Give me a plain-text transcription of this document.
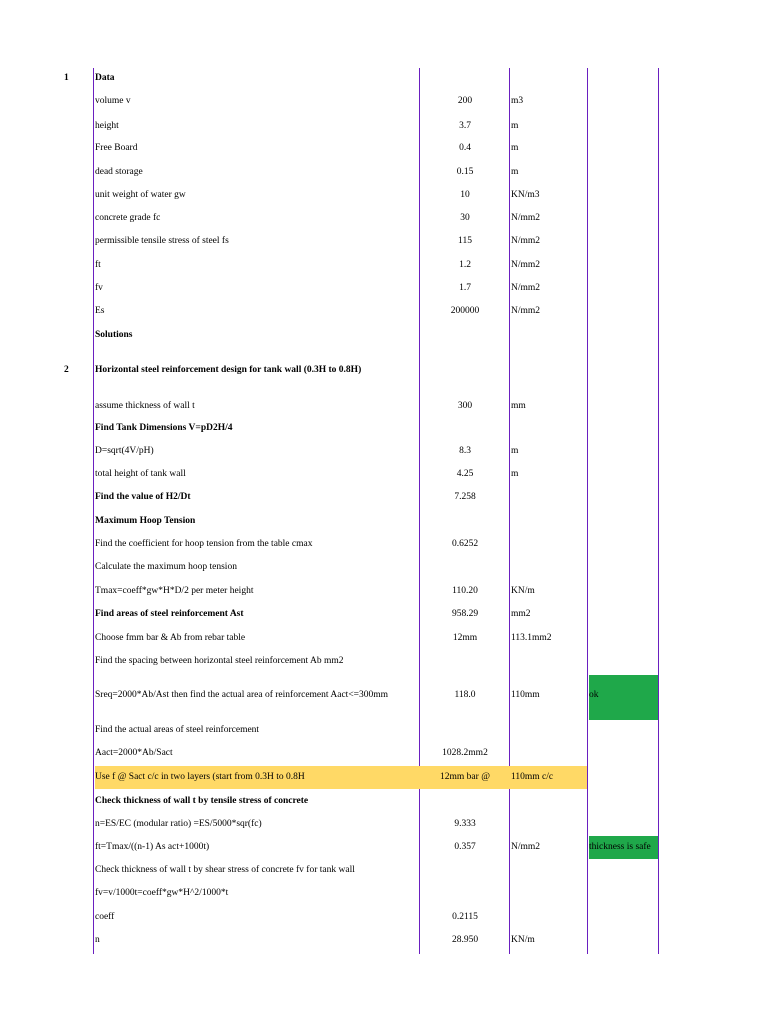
1	Data
volume v	200	m3
height	3.7	m
Free Board	0.4	m
dead storage	0.15	m
unit weight of water gw	10	KN/m3
concrete grade fc	30	N/mm2
permissible tensile stress of steel fs	115	N/mm2
ft	1.2	N/mm2
fv	1.7	N/mm2
Es	200000	N/mm2
Solutions
2	Horizontal steel reinforcement design for tank wall (0.3H to 0.8H)
assume thickness of wall t	300	mm
Find Tank Dimensions V=pD2H/4
D=sqrt(4V/pH)	8.3	m
total height of tank wall	4.25	m
Find the value of H2/Dt	7.258
Maximum Hoop Tension
Find the coefficient for hoop tension from the table cmax	0.6252
Calculate the maximum hoop tension
Tmax=coeff*gw*H*D/2 per meter height	110.20	KN/m
Find areas of steel reinforcement Ast	958.29	mm2
Choose fmm bar & Ab from rebar table	12mm	113.1mm2
Find the spacing between horizontal steel reinforcement Ab mm2
Sreq=2000*Ab/Ast then find the actual area of reinforcement Aact<=300mm	118.0	110mm	ok
Find the actual areas of steel reinforcement
Aact=2000*Ab/Sact	1028.2mm2
Use f @ Sact c/c in two layers (start from 0.3H to 0.8H	12mm bar @	110mm c/c
Check thickness of wall t by tensile stress of concrete
n=ES/EC (modular ratio) =ES/5000*sqr(fc)	9.333
ft=Tmax/((n-1) As act+1000t)	0.357	N/mm2	thickness is safe
Check thickness of wall t by shear stress of concrete fv for tank wall
fv=v/1000t=coeff*gw*H^2/1000*t
coeff	0.2115
n	28.950	KN/m
